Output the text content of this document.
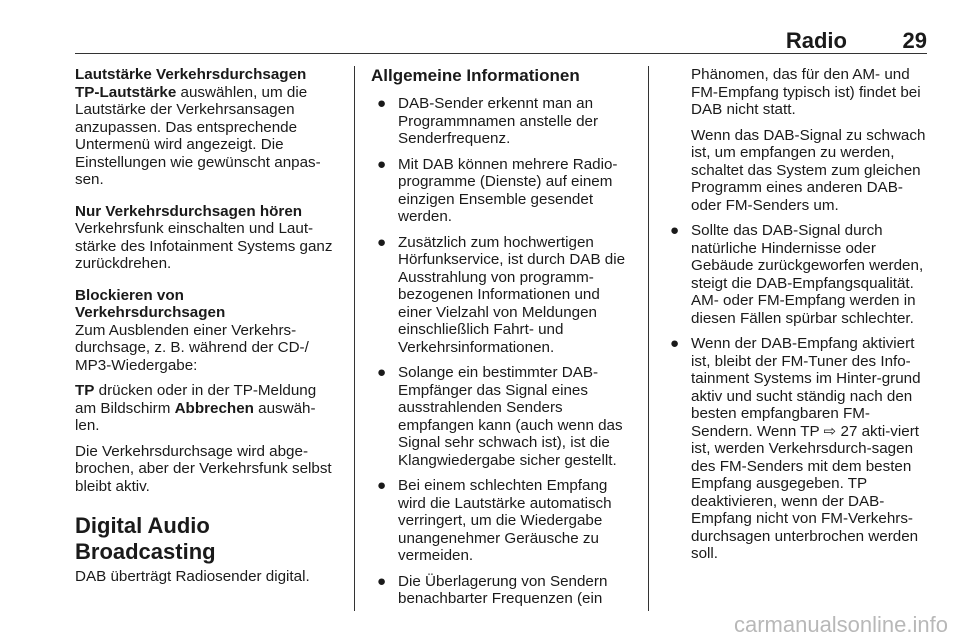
Radio	29
Lautstärke Verkehrsdurchsagen

TP-Lautstärke auswählen, um die Lautstärke der Verkehrsansagen anzupassen. Das entsprechende Untermenü wird angezeigt. Die Einstellungen wie gewünscht anpas-sen.

Nur Verkehrsdurchsagen hören
Verkehrsfunk einschalten und Laut-stärke des Infotainment Systems ganz zurückdrehen.

Blockieren von Verkehrsdurchsagen
Zum Ausblenden einer Verkehrs-durchsage, z. B. während der CD-/ MP3-Wiedergabe:

TP drücken oder in der TP-Meldung am Bildschirm Abbrechen auswäh-len.

Die Verkehrsdurchsage wird abge-brochen, aber der Verkehrsfunk selbst bleibt aktiv.

Digital Audio Broadcasting

DAB überträgt Radiosender digital.

Allgemeine Informationen
● DAB-Sender erkennt man an Programmnamen anstelle der Senderfrequenz.
● Mit DAB können mehrere Radio-programme (Dienste) auf einem einzigen Ensemble gesendet werden.
● Zusätzlich zum hochwertigen Hörfunkservice, ist durch DAB die Ausstrahlung von programm-bezogenen Informationen und einer Vielzahl von Meldungen einschließlich Fahrt- und Verkehrsinformationen.
● Solange ein bestimmter DAB-Empfänger das Signal eines ausstrahlenden Senders empfangen kann (auch wenn das Signal sehr schwach ist), ist die Klangwiedergabe sicher gestellt.
● Bei einem schlechten Empfang wird die Lautstärke automatisch verringert, um die Wiedergabe unangenehmer Geräusche zu vermeiden.
● Die Überlagerung von Sendern benachbarter Frequenzen (ein

Phänomen, das für den AM- und FM-Empfang typisch ist) findet bei DAB nicht statt.

Wenn das DAB-Signal zu schwach ist, um empfangen zu werden, schaltet das System zum gleichen Programm eines anderen DAB- oder FM-Senders um.

● Sollte das DAB-Signal durch natürliche Hindernisse oder Gebäude zurückgeworfen werden, steigt die DAB-Empfangsqualität. AM- oder FM-Empfang werden in diesen Fällen spürbar schlechter.
● Wenn der DAB-Empfang aktiviert ist, bleibt der FM-Tuner des Info-tainment Systems im Hinter-grund aktiv und sucht ständig nach den besten empfangbaren FM-Sendern. Wenn TP ⇨ 27 akti-viert ist, werden Verkehrsdurch-sagen des FM-Senders mit dem besten Empfang ausgegeben. TP deaktivieren, wenn der DAB-Empfang nicht von FM-Verkehrs-durchsagen unterbrochen werden soll.
carmanualsonline.info
